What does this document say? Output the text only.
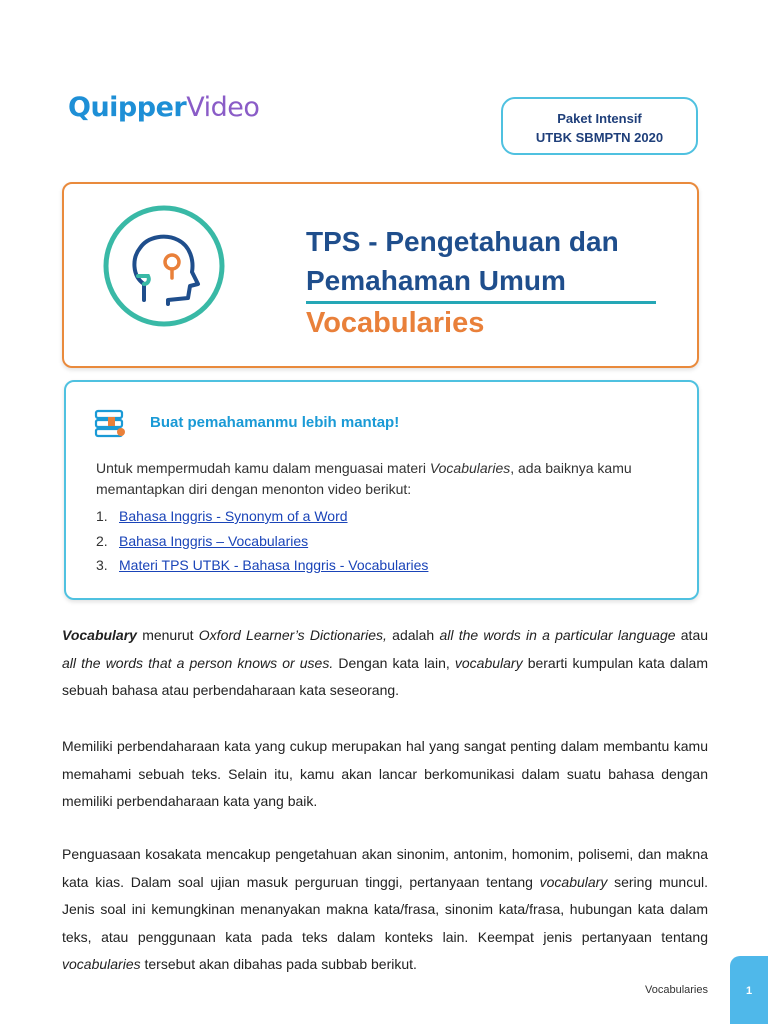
QuipperVideo	Paket Intensif
UTBK SBMPTN 2020
TPS - Pengetahuan dan
Pemahaman Umum
Vocabularies
Buat pemahamanmu lebih mantap!
Untuk mempermudah kamu dalam menguasai materi Vocabularies, ada baiknya kamu memantapkan diri dengan menonton video berikut:
1. Bahasa Inggris - Synonym of a Word
2. Bahasa Inggris – Vocabularies
3. Materi TPS UTBK - Bahasa Inggris - Vocabularies

Vocabulary menurut Oxford Learner’s Dictionaries, adalah all the words in a particular language atau all the words that a person knows or uses. Dengan kata lain, vocabulary berarti kumpulan kata dalam sebuah bahasa atau perbendaharaan kata seseorang.

Memiliki perbendaharaan kata yang cukup merupakan hal yang sangat penting dalam membantu kamu memahami sebuah teks. Selain itu, kamu akan lancar berkomunikasi dalam suatu bahasa dengan memiliki perbendaharaan kata yang baik.

Penguasaan kosakata mencakup pengetahuan akan sinonim, antonim, homonim, polisemi, dan makna kata kias. Dalam soal ujian masuk perguruan tinggi, pertanyaan tentang vocabulary sering muncul. Jenis soal ini kemungkinan menanyakan makna kata/frasa, sinonim kata/frasa, hubungan kata dalam teks, atau penggunaan kata pada teks dalam konteks lain. Keempat jenis pertanyaan tentang vocabularies tersebut akan dibahas pada subbab berikut.

Vocabularies	1
